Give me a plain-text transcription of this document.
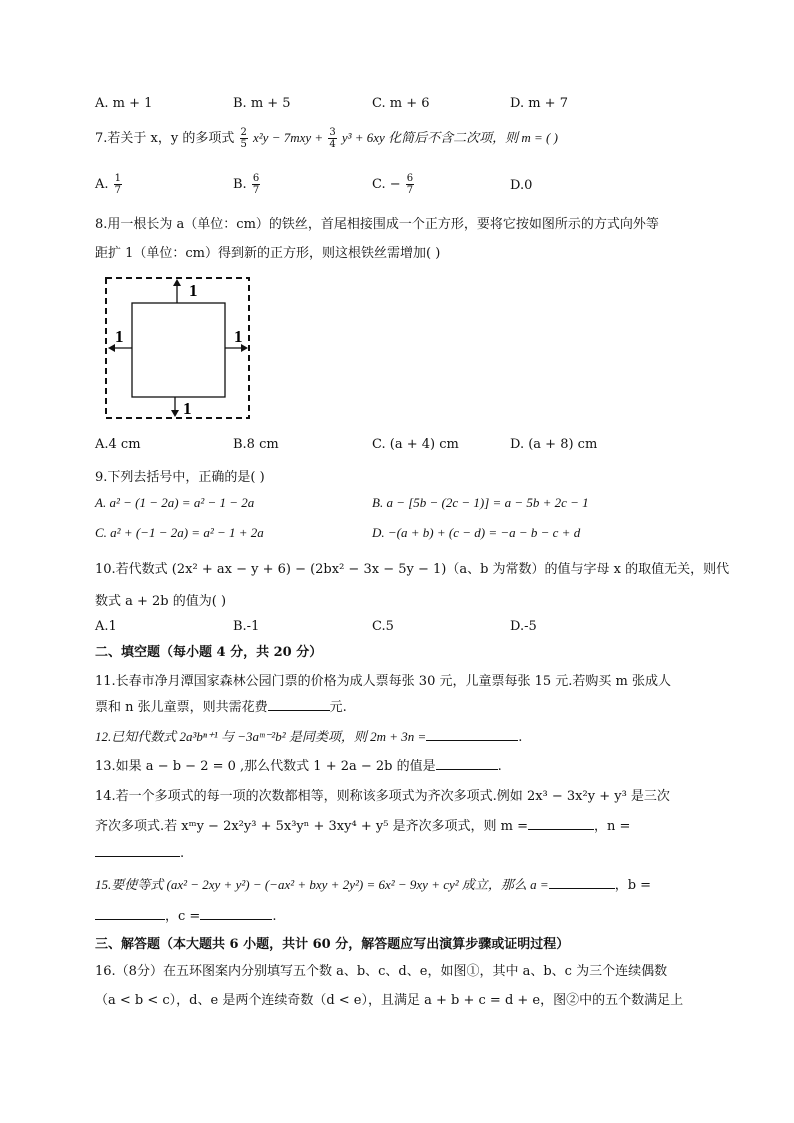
A. m + 1	B. m + 5	C. m + 6	D. m + 7
7.若关于 x，y 的多项式 $\frac{2}{5} x^2y - 7mxy + \frac{3}{4} y^3 + 6xy$ 化简后不含二次项，则 m = ( )
A. $\frac{1}{7}$	B. $\frac{6}{7}$	C. − $\frac{6}{7}$	D.0
8.用一根长为 a（单位：cm）的铁丝，首尾相接围成一个正方形，要将它按如图所示的方式向外等
距扩 1（单位：cm）得到新的正方形，则这根铁丝需增加( )
1
1	1
1
A.4 cm	B.8 cm	C. (a + 4) cm	D. (a + 8) cm
9.下列去括号中，正确的是( )
A. a² − (1 − 2a) = a² − 1 − 2a	B. a − [5b − (2c − 1)] = a − 5b + 2c − 1
C. a² + (−1 − 2a) = a² − 1 + 2a	D. −(a + b) + (c − d) = −a − b − c + d
10.若代数式 (2x² + ax − y + 6) − (2bx² − 3x − 5y − 1)（a、b 为常数）的值与字母 x 的取值无关，则代
数式 a + 2b 的值为( )
A.1	B.-1	C.5	D.-5
二、填空题（每小题 4 分，共 20 分）
11.长春市净月潭国家森林公园门票的价格为成人票每张 30 元，儿童票每张 15 元.若购买 m 张成人
票和 n 张儿童票，则共需花费	元.
12.已知代数式 2a³bⁿ⁺¹ 与 −3aᵐ⁻²b² 是同类项，则 2m + 3n =	.
13.如果 a − b − 2 = 0 ,那么代数式 1 + 2a − 2b 的值是	.
14.若一个多项式的每一项的次数都相等，则称该多项式为齐次多项式.例如 2x³ − 3x²y + y³ 是三次
齐次多项式.若 xᵐy − 2x²y³ + 5x³yⁿ + 3xy⁴ + y⁵ 是齐次多项式，则 m =	，n =
.
15.要使等式 (ax² − 2xy + y²) − (−ax² + bxy + 2y²) = 6x² − 9xy + cy² 成立，那么 a =	，b =
，c =	.
三、解答题（本大题共 6 小题，共计 60 分，解答题应写出演算步骤或证明过程）
16.（8分）在五环图案内分别填写五个数 a、b、c、d、e，如图①，其中 a、b、c 为三个连续偶数
（a < b < c），d、e 是两个连续奇数（d < e），且满足 a + b + c = d + e，图②中的五个数满足上
